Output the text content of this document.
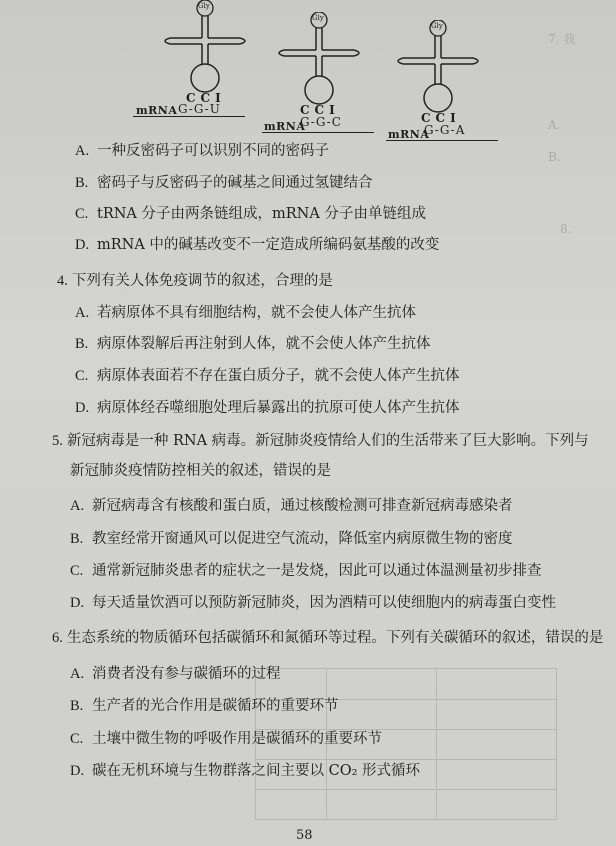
7. 我
A.
B.
8.
Gly
CCI
mRNA G-G-U
Gly
CCI
mRNA
G-G-C
Gly
CCI
mRNA
G-G-A
A. 一种反密码子可以识别不同的密码子
B. 密码子与反密码子的碱基之间通过氢键结合
C. tRNA 分子由两条链组成，mRNA 分子由单链组成
D. mRNA 中的碱基改变不一定造成所编码氨基酸的改变
4. 下列有关人体免疫调节的叙述，合理的是
A. 若病原体不具有细胞结构，就不会使人体产生抗体
B. 病原体裂解后再注射到人体，就不会使人体产生抗体
C. 病原体表面若不存在蛋白质分子，就不会使人体产生抗体
D. 病原体经吞噬细胞处理后暴露出的抗原可使人体产生抗体
5. 新冠病毒是一种 RNA 病毒。新冠肺炎疫情给人们的生活带来了巨大影响。下列与
新冠肺炎疫情防控相关的叙述，错误的是
A. 新冠病毒含有核酸和蛋白质，通过核酸检测可排查新冠病毒感染者
B. 教室经常开窗通风可以促进空气流动，降低室内病原微生物的密度
C. 通常新冠肺炎患者的症状之一是发烧，因此可以通过体温测量初步排查
D. 每天适量饮酒可以预防新冠肺炎，因为酒精可以使细胞内的病毒蛋白变性
6. 生态系统的物质循环包括碳循环和氮循环等过程。下列有关碳循环的叙述，错误的是
A. 消费者没有参与碳循环的过程
B. 生产者的光合作用是碳循环的重要环节
C. 土壤中微生物的呼吸作用是碳循环的重要环节
D. 碳在无机环境与生物群落之间主要以 CO₂ 形式循环
58
